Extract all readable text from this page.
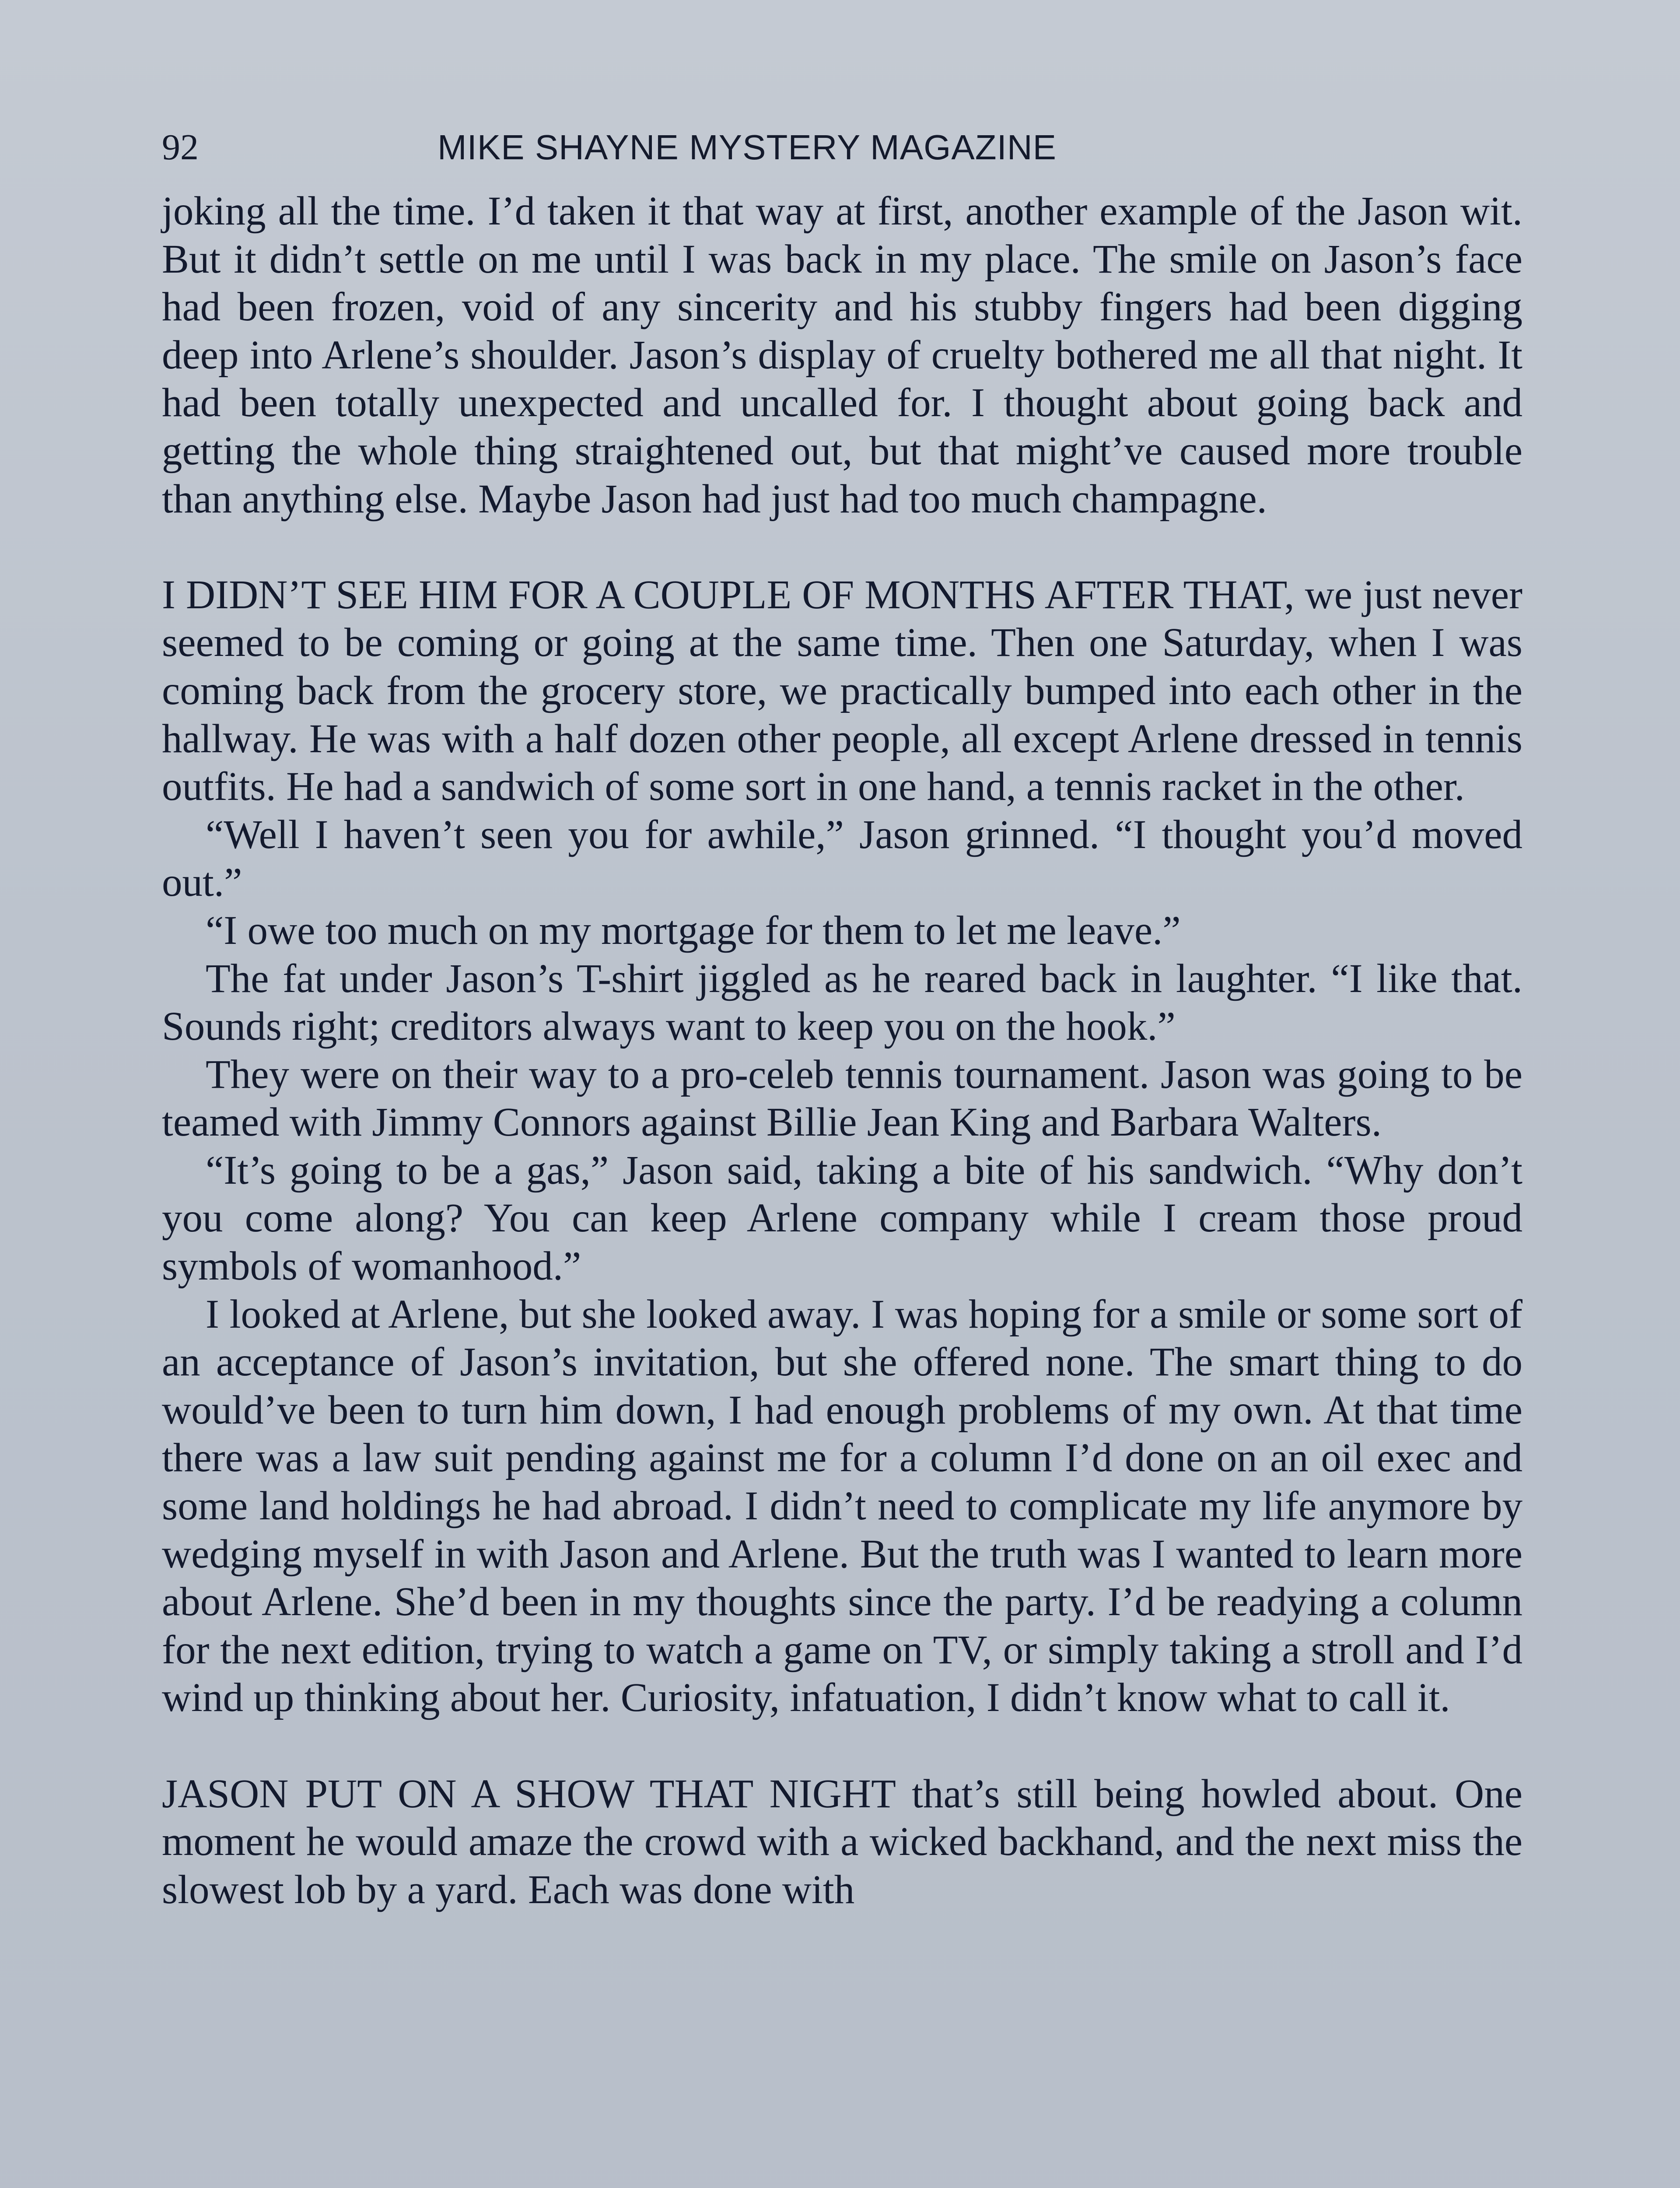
92	MIKE SHAYNE MYSTERY MAGAZINE

joking all the time. I’d taken it that way at first, another example of the Jason wit. But it didn’t settle on me until I was back in my place. The smile on Jason’s face had been frozen, void of any sincerity and his stubby fingers had been digging deep into Arlene’s shoulder. Jason’s display of cruelty bothered me all that night. It had been totally unexpected and uncalled for. I thought about going back and getting the whole thing straightened out, but that might’ve caused more trouble than anything else. Maybe Jason had just had too much champagne.

I DIDN’T SEE HIM FOR A COUPLE OF MONTHS AFTER THAT, we just never seemed to be coming or going at the same time. Then one Saturday, when I was coming back from the grocery store, we practically bumped into each other in the hallway. He was with a half dozen other people, all except Arlene dressed in tennis outfits. He had a sandwich of some sort in one hand, a tennis racket in the other.

“Well I haven’t seen you for awhile,” Jason grinned. “I thought you’d moved out.”

“I owe too much on my mortgage for them to let me leave.”

The fat under Jason’s T-shirt jiggled as he reared back in laughter. “I like that. Sounds right; creditors always want to keep you on the hook.”

They were on their way to a pro-celeb tennis tournament. Jason was going to be teamed with Jimmy Connors against Billie Jean King and Barbara Walters.

“It’s going to be a gas,” Jason said, taking a bite of his sandwich. “Why don’t you come along? You can keep Arlene company while I cream those proud symbols of womanhood.”

I looked at Arlene, but she looked away. I was hoping for a smile or some sort of an acceptance of Jason’s invitation, but she offered none. The smart thing to do would’ve been to turn him down, I had enough problems of my own. At that time there was a law suit pending against me for a column I’d done on an oil exec and some land holdings he had abroad. I didn’t need to complicate my life anymore by wedging myself in with Jason and Arlene. But the truth was I wanted to learn more about Arlene. She’d been in my thoughts since the party. I’d be readying a column for the next edition, trying to watch a game on TV, or simply taking a stroll and I’d wind up thinking about her. Curiosity, infatuation, I didn’t know what to call it.

JASON PUT ON A SHOW THAT NIGHT that’s still being howled about. One moment he would amaze the crowd with a wicked backhand, and the next miss the slowest lob by a yard. Each was done with
